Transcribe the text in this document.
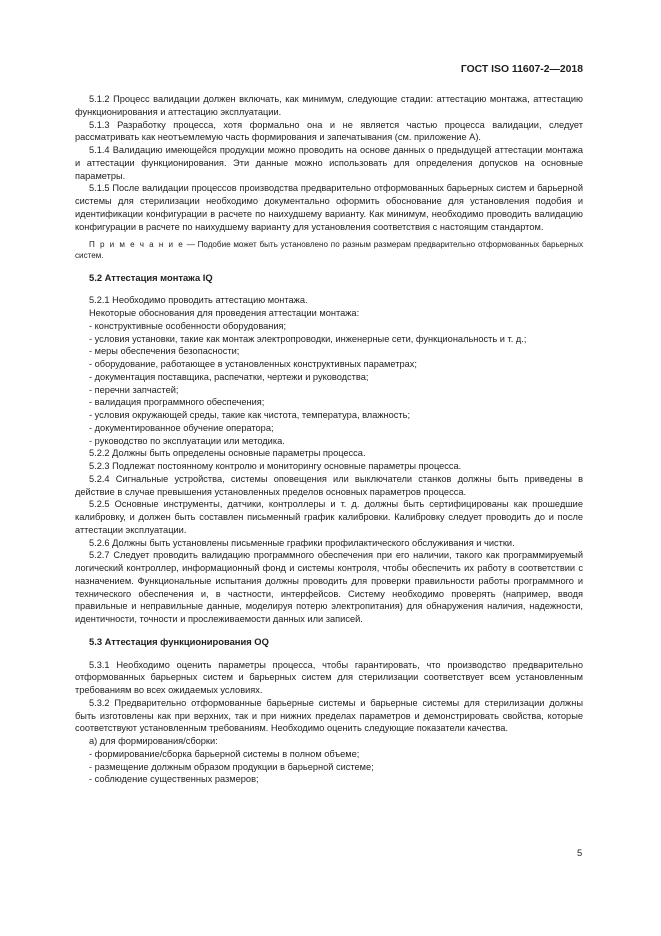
ГОСТ ISO 11607-2—2018

5.1.2 Процесс валидации должен включать, как минимум, следующие стадии: аттестацию монтажа, аттестацию функционирования и аттестацию эксплуатации.

5.1.3 Разработку процесса, хотя формально она и не является частью процесса валидации, следует рассматривать как неотъемлемую часть формирования и запечатывания (см. приложение А).

5.1.4 Валидацию имеющейся продукции можно проводить на основе данных о предыдущей аттестации монтажа и аттестации функционирования. Эти данные можно использовать для определения допусков на основные параметры.

5.1.5 После валидации процессов производства предварительно отформованных барьерных систем и барьерной системы для стерилизации необходимо документально оформить обоснование для установления подобия и идентификации конфигурации в расчете по наихудшему варианту. Как минимум, необходимо проводить валидацию конфигурации в расчете по наихудшему варианту для установления соответствия с настоящим стандартом.

П р и м е ч а н и е — Подобие может быть установлено по разным размерам предварительно отформованных барьерных систем.

5.2 Аттестация монтажа IQ

5.2.1 Необходимо проводить аттестацию монтажа.

Некоторые обоснования для проведения аттестации монтажа:

- конструктивные особенности оборудования;

- условия установки, такие как монтаж электропроводки, инженерные сети, функциональность и т. д.;

- меры обеспечения безопасности;

- оборудование, работающее в установленных конструктивных параметрах;

- документация поставщика, распечатки, чертежи и руководства;

- перечни запчастей;

- валидация программного обеспечения;

- условия окружающей среды, такие как чистота, температура, влажность;

- документированное обучение оператора;

- руководство по эксплуатации или методика.

5.2.2 Должны быть определены основные параметры процесса.

5.2.3 Подлежат постоянному контролю и мониторингу основные параметры процесса.

5.2.4 Сигнальные устройства, системы оповещения или выключатели станков должны быть приведены в действие в случае превышения установленных пределов основных параметров процесса.

5.2.5 Основные инструменты, датчики, контроллеры и т. д. должны быть сертифицированы как прошедшие калибровку, и должен быть составлен письменный график калибровки. Калибровку следует проводить до и после аттестации эксплуатации.

5.2.6 Должны быть установлены письменные графики профилактического обслуживания и чистки.

5.2.7 Следует проводить валидацию программного обеспечения при его наличии, такого как программируемый логический контроллер, информационный фонд и системы контроля, чтобы обеспечить их работу в соответствии с назначением. Функциональные испытания должны проводить для проверки правильности работы программного и технического обеспечения и, в частности, интерфейсов. Систему необходимо проверять (например, вводя правильные и неправильные данные, моделируя потерю электропитания) для обнаружения наличия, надежности, идентичности, точности и прослеживаемости данных или записей.

5.3 Аттестация функционирования OQ

5.3.1 Необходимо оценить параметры процесса, чтобы гарантировать, что производство предварительно отформованных барьерных систем и барьерных систем для стерилизации соответствует всем установленным требованиям во всех ожидаемых условиях.

5.3.2 Предварительно отформованные барьерные системы и барьерные системы для стерилизации должны быть изготовлены как при верхних, так и при нижних пределах параметров и демонстрировать свойства, которые соответствуют установленным требованиям. Необходимо оценить следующие показатели качества.

а) для формирования/сборки:

- формирование/сборка барьерной системы в полном объеме;

- размещение должным образом продукции в барьерной системе;

- соблюдение существенных размеров;

5
